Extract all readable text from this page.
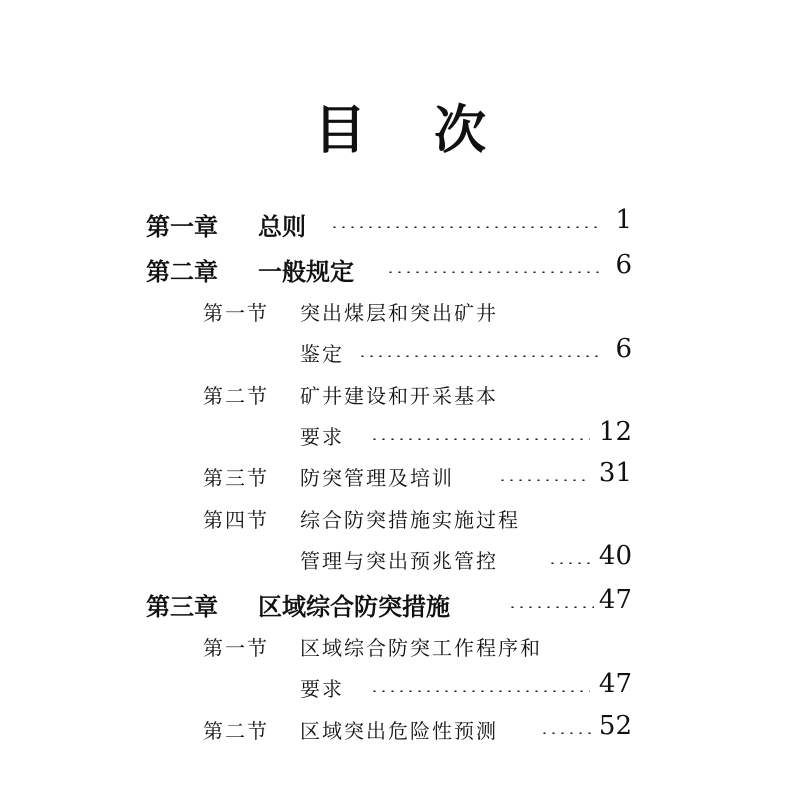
目次
第一章 总则	1
第二章 一般规定	6
第一节 突出煤层和突出矿井
鉴定	6
第二节 矿井建设和开采基本
要求	12
第三节 防突管理及培训	31
第四节 综合防突措施实施过程
管理与突出预兆管控	40
第三章 区域综合防突措施	47
第一节 区域综合防突工作程序和
要求	47
第二节 区域突出危险性预测	52
